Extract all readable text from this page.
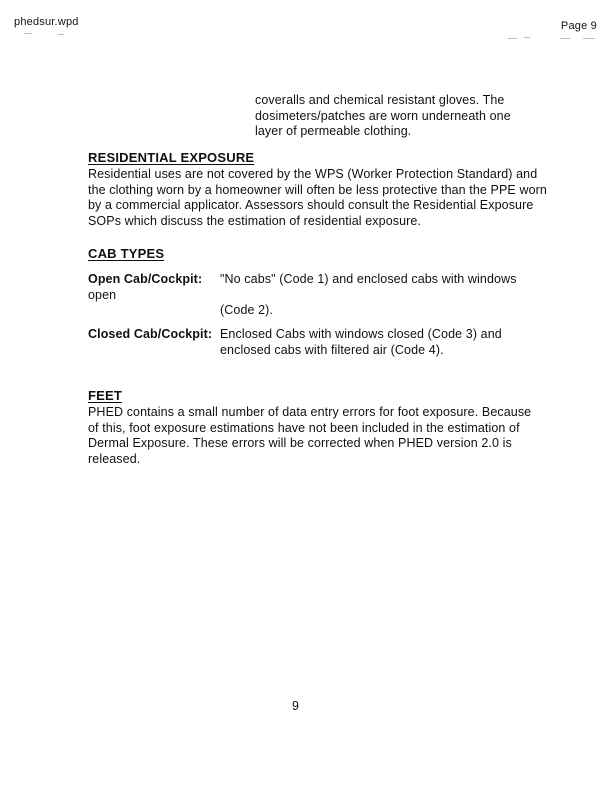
phedsur.wpd	Page 9
coveralls and chemical resistant gloves. The
dosimeters/patches are worn underneath one
layer of permeable clothing.
RESIDENTIAL EXPOSURE
Residential uses are not covered by the WPS (Worker Protection Standard) and
the clothing worn by a homeowner will often be less protective than the PPE worn
by a commercial applicator. Assessors should consult the Residential Exposure
SOPs which discuss the estimation of residential exposure.
CAB TYPES
Open Cab/Cockpit:
open
"No cabs" (Code 1) and enclosed cabs with windows
(Code 2).
Closed Cab/Cockpit: Enclosed Cabs with windows closed (Code 3) and
enclosed cabs with filtered air (Code 4).
FEET
PHED contains a small number of data entry errors for foot exposure. Because
of this, foot exposure estimations have not been included in the estimation of
Dermal Exposure. These errors will be corrected when PHED version 2.0 is
released.
9
